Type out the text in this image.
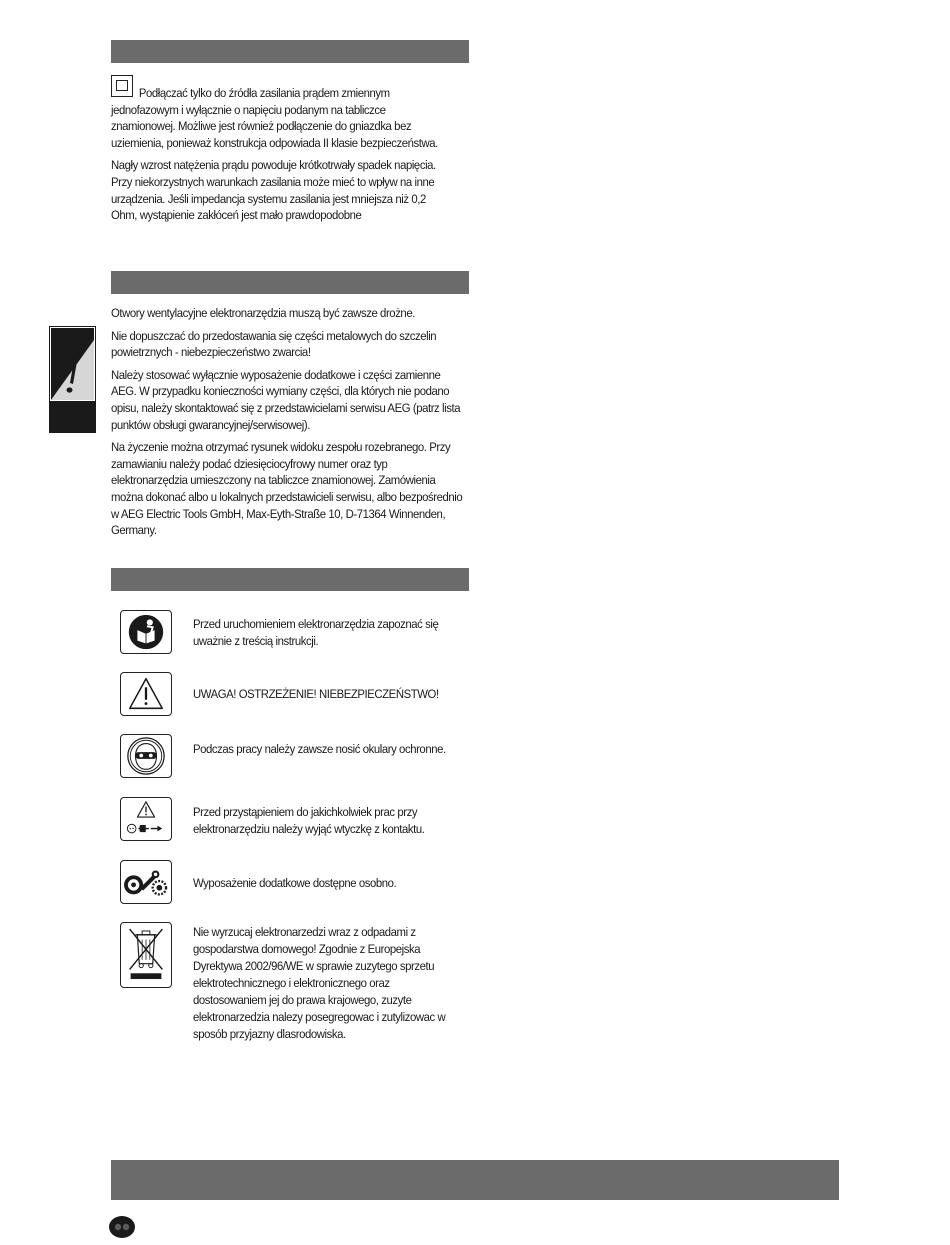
Podłączać tylko do źródła zasilania prądem zmiennym jednofazowym i wyłącznie o napięciu podanym na tabliczce znamionowej. Możliwe jest również podłączenie do gniazdka bez uziemienia, ponieważ konstrukcja odpowiada II klasie bezpieczeństwa.

Nagły wzrost natężenia prądu powoduje krótkotrwały spadek napięcia. Przy niekorzystnych warunkach zasilania może mieć to wpływ na inne urządzenia. Jeśli impedancja systemu zasilania jest mniejsza niż 0,2 Ohm, wystąpienie zakłóceń jest mało prawdopodobne

Otwory wentylacyjne elektronarzędzia muszą być zawsze drożne.

Nie dopuszczać do przedostawania się części metalowych do szczelin powietrznych - niebezpieczeństwo zwarcia!

Należy stosować wyłącznie wyposażenie dodatkowe i części zamienne AEG. W przypadku konieczności wymiany części, dla których nie podano opisu, należy skontaktować się z przedstawicielami serwisu AEG (patrz lista punktów obsługi gwarancyjnej/serwisowej).

Na życzenie można otrzymać rysunek widoku zespołu rozebranego. Przy zamawianiu należy podać dziesięciocyfrowy numer oraz typ elektronarzędzia umieszczony na tabliczce znamionowej. Zamówienia można dokonać albo u lokalnych przedstawicieli serwisu, albo bezpośrednio w AEG Electric Tools GmbH, Max-Eyth-Straße 10, D-71364 Winnenden, Germany.

Przed uruchomieniem elektronarzędzia zapoznać się uważnie z treścią instrukcji.
UWAGA! OSTRZEŻENIE! NIEBEZPIECZEŃSTWO!
Podczas pracy należy zawsze nosić okulary ochronne.
Przed przystąpieniem do jakichkolwiek prac przy elektronarzędziu należy wyjąć wtyczkę z kontaktu.
Wyposażenie dodatkowe dostępne osobno.
Nie wyrzucaj elektronarzedzi wraz z odpadami z gospodarstwa domowego! Zgodnie z Europejska Dyrektywa 2002/96/WE w sprawie zuzytego sprzetu elektrotechnicznego i elektronicznego oraz dostosowaniem jej do prawa krajowego, zuzyte elektronarzedzia nalezy posegregowac i zutylizowac w sposób przyjazny dlasrodowiska.
